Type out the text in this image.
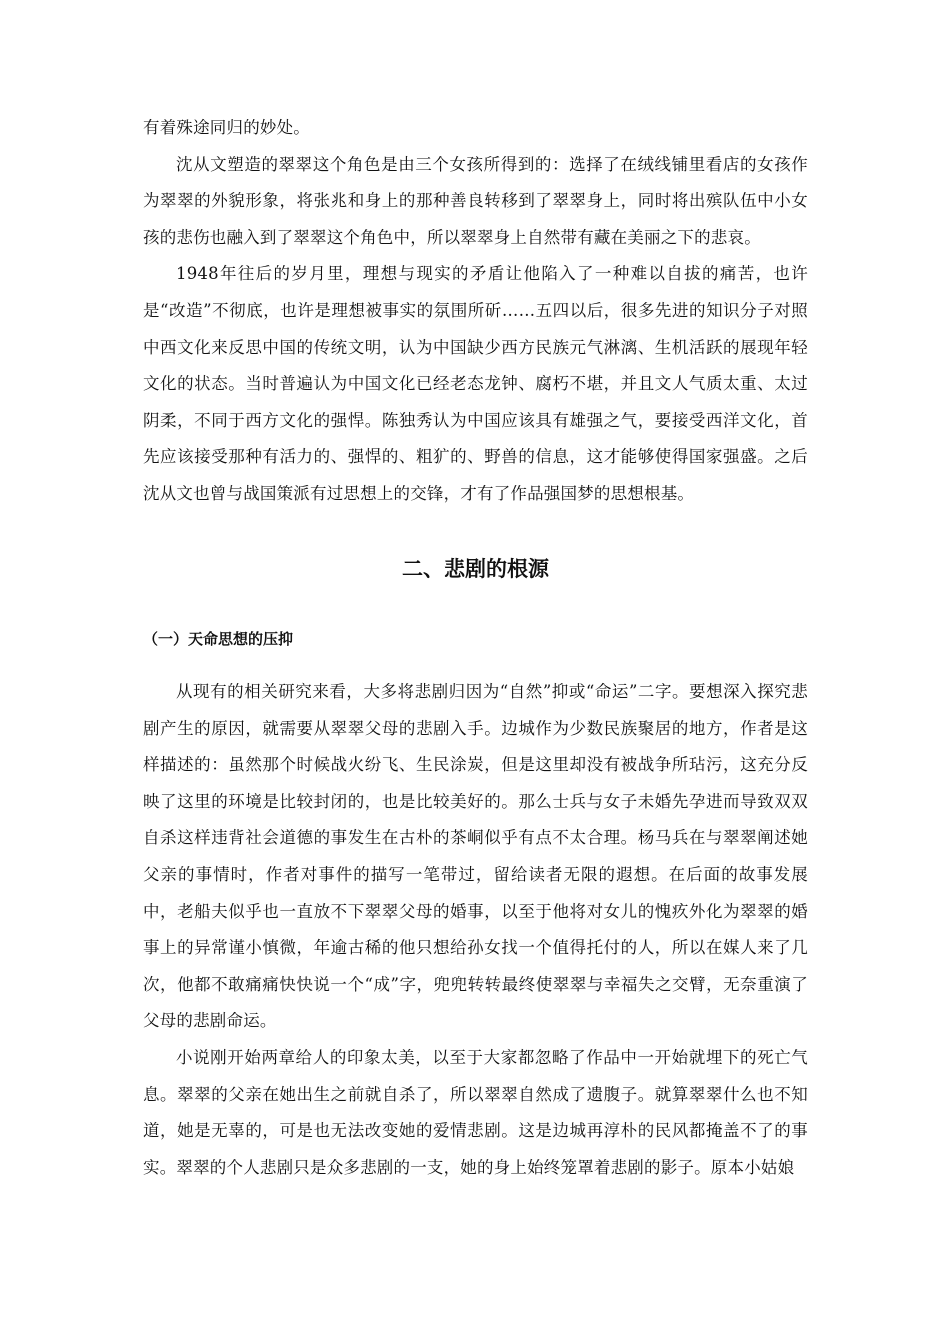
有着殊途同归的妙处。

沈从文塑造的翠翠这个角色是由三个女孩所得到的：选择了在绒线铺里看店的女孩作为翠翠的外貌形象，将张兆和身上的那种善良转移到了翠翠身上，同时将出殡队伍中小女孩的悲伤也融入到了翠翠这个角色中，所以翠翠身上自然带有藏在美丽之下的悲哀。

1948年往后的岁月里，理想与现实的矛盾让他陷入了一种难以自拔的痛苦，也许是“改造”不彻底，也许是理想被事实的氛围所斫……五四以后，很多先进的知识分子对照中西文化来反思中国的传统文明，认为中国缺少西方民族元气淋漓、生机活跃的展现年轻文化的状态。当时普遍认为中国文化已经老态龙钟、腐朽不堪，并且文人气质太重、太过阴柔，不同于西方文化的强悍。陈独秀认为中国应该具有雄强之气，要接受西洋文化，首先应该接受那种有活力的、强悍的、粗犷的、野兽的信息，这才能够使得国家强盛。之后沈从文也曾与战国策派有过思想上的交锋，才有了作品强国梦的思想根基。

二、悲剧的根源
（一）天命思想的压抑

从现有的相关研究来看，大多将悲剧归因为“自然”抑或“命运”二字。要想深入探究悲剧产生的原因，就需要从翠翠父母的悲剧入手。边城作为少数民族聚居的地方，作者是这样描述的：虽然那个时候战火纷飞、生民涂炭，但是这里却没有被战争所玷污，这充分反映了这里的环境是比较封闭的，也是比较美好的。那么士兵与女子未婚先孕进而导致双双自杀这样违背社会道德的事发生在古朴的茶峒似乎有点不太合理。杨马兵在与翠翠阐述她父亲的事情时，作者对事件的描写一笔带过，留给读者无限的遐想。在后面的故事发展中，老船夫似乎也一直放不下翠翠父母的婚事，以至于他将对女儿的愧疚外化为翠翠的婚事上的异常谨小慎微，年逾古稀的他只想给孙女找一个值得托付的人，所以在媒人来了几次，他都不敢痛痛快快说一个“成”字，兜兜转转最终使翠翠与幸福失之交臂，无奈重演了父母的悲剧命运。

小说刚开始两章给人的印象太美，以至于大家都忽略了作品中一开始就埋下的死亡气息。翠翠的父亲在她出生之前就自杀了，所以翠翠自然成了遗腹子。就算翠翠什么也不知道，她是无辜的，可是也无法改变她的爱情悲剧。这是边城再淳朴的民风都掩盖不了的事实。翠翠的个人悲剧只是众多悲剧的一支，她的身上始终笼罩着悲剧的影子。原本小姑娘
